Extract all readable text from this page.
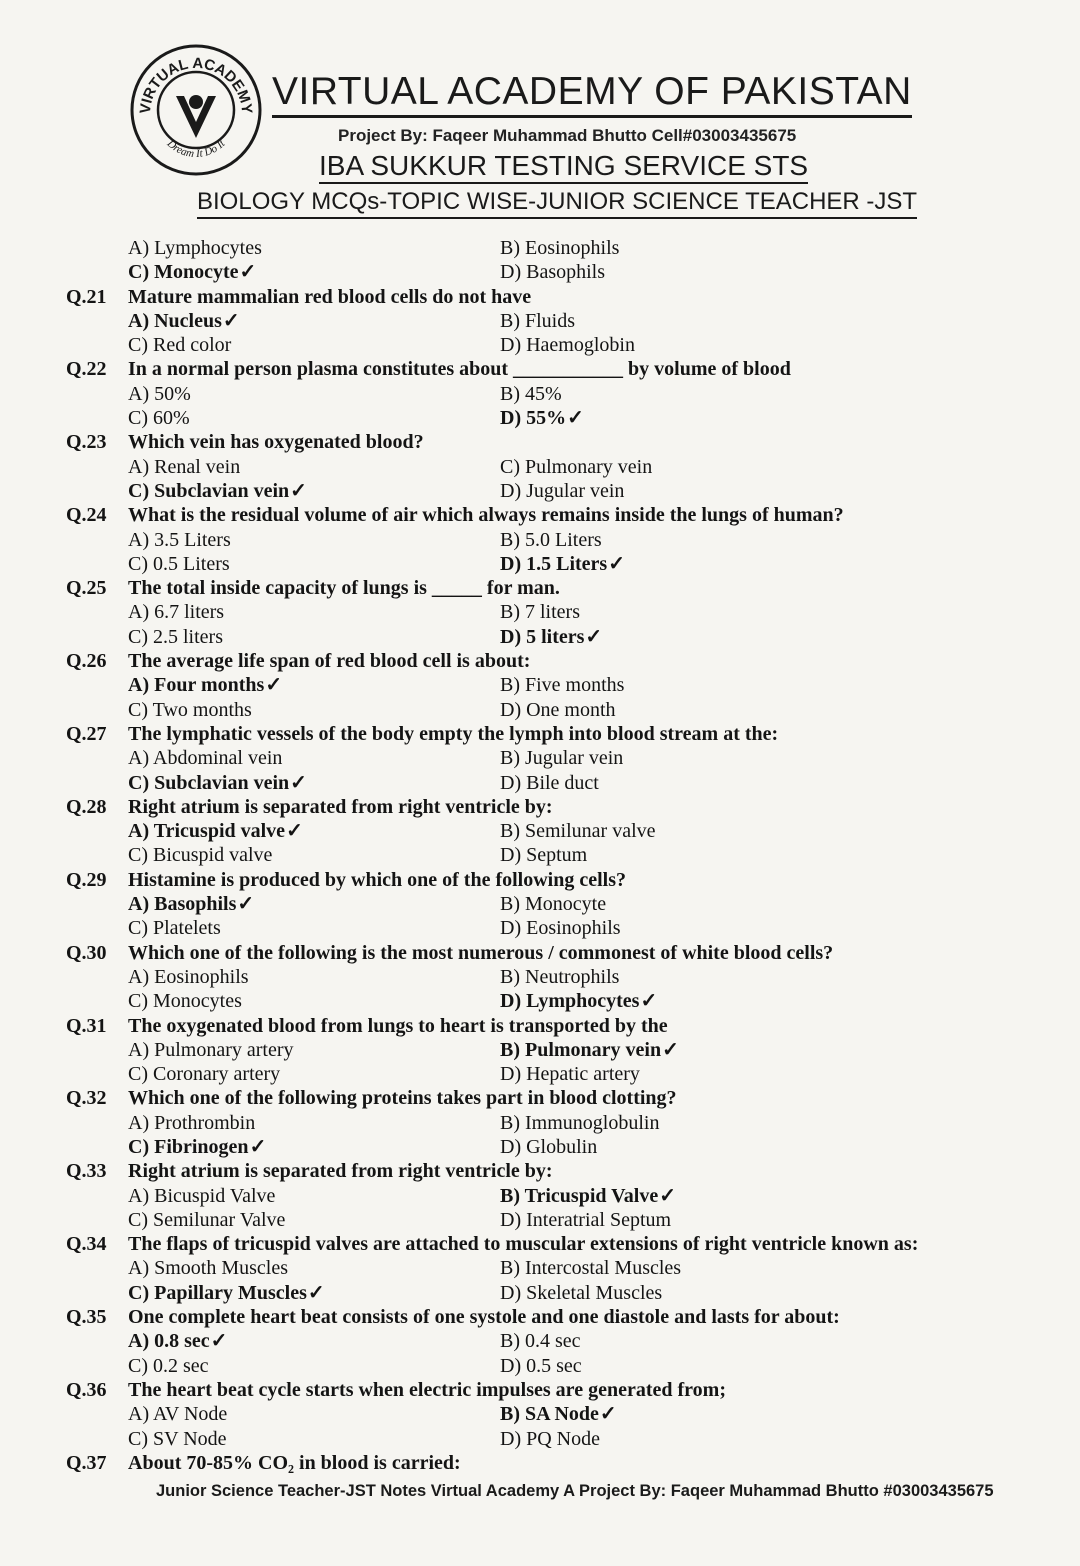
VIRTUAL ACADEMY
Dream It Do It
VIRTUAL ACADEMY OF PAKISTAN
Project By: Faqeer Muhammad Bhutto Cell#03003435675
IBA SUKKUR TESTING SERVICE STS
BIOLOGY MCQs-TOPIC WISE-JUNIOR SCIENCE TEACHER -JST
A) Lymphocytes	B) Eosinophils
C) Monocyte✓	D) Basophils
Q.21	Mature mammalian red blood cells do not have
A) Nucleus✓	B) Fluids
C) Red color	D) Haemoglobin
Q.22	In a normal person plasma constitutes about ___________ by volume of blood
A) 50%	B) 45%
C) 60%	D) 55%✓
Q.23	Which vein has oxygenated blood?
A) Renal vein	C) Pulmonary vein
C) Subclavian vein✓	D) Jugular vein
Q.24	What is the residual volume of air which always remains inside the lungs of human?
A) 3.5 Liters	B) 5.0 Liters
C) 0.5 Liters	D) 1.5 Liters✓
Q.25	The total inside capacity of lungs is _____ for man.
A) 6.7 liters	B) 7 liters
C) 2.5 liters	D) 5 liters✓
Q.26	The average life span of red blood cell is about:
A) Four months✓	B) Five months
C) Two months	D) One month
Q.27	The lymphatic vessels of the body empty the lymph into blood stream at the:
A) Abdominal vein	B) Jugular vein
C) Subclavian vein✓	D) Bile duct
Q.28	Right atrium is separated from right ventricle by:
A) Tricuspid valve✓	B) Semilunar valve
C) Bicuspid valve	D) Septum
Q.29	Histamine is produced by which one of the following cells?
A) Basophils✓	B) Monocyte
C) Platelets	D) Eosinophils
Q.30	Which one of the following is the most numerous / commonest of white blood cells?
A) Eosinophils	B) Neutrophils
C) Monocytes	D) Lymphocytes✓
Q.31	The oxygenated blood from lungs to heart is transported by the
A) Pulmonary artery	B) Pulmonary vein✓
C) Coronary artery	D) Hepatic artery
Q.32	Which one of the following proteins takes part in blood clotting?
A) Prothrombin	B) Immunoglobulin
C) Fibrinogen✓	D) Globulin
Q.33	Right atrium is separated from right ventricle by:
A) Bicuspid Valve	B) Tricuspid Valve✓
C) Semilunar Valve	D) Interatrial Septum
Q.34	The flaps of tricuspid valves are attached to muscular extensions of right ventricle known as:
A) Smooth Muscles	B) Intercostal Muscles
C) Papillary Muscles✓	D) Skeletal Muscles
Q.35	One complete heart beat consists of one systole and one diastole and lasts for about:
A) 0.8 sec✓	B) 0.4 sec
C) 0.2 sec	D) 0.5 sec
Q.36	The heart beat cycle starts when electric impulses are generated from;
A) AV Node	B) SA Node✓
C) SV Node	D) PQ Node
Q.37	About 70-85% CO₂ in blood is carried:
Junior Science Teacher-JST Notes Virtual Academy A Project By: Faqeer Muhammad Bhutto #03003435675
